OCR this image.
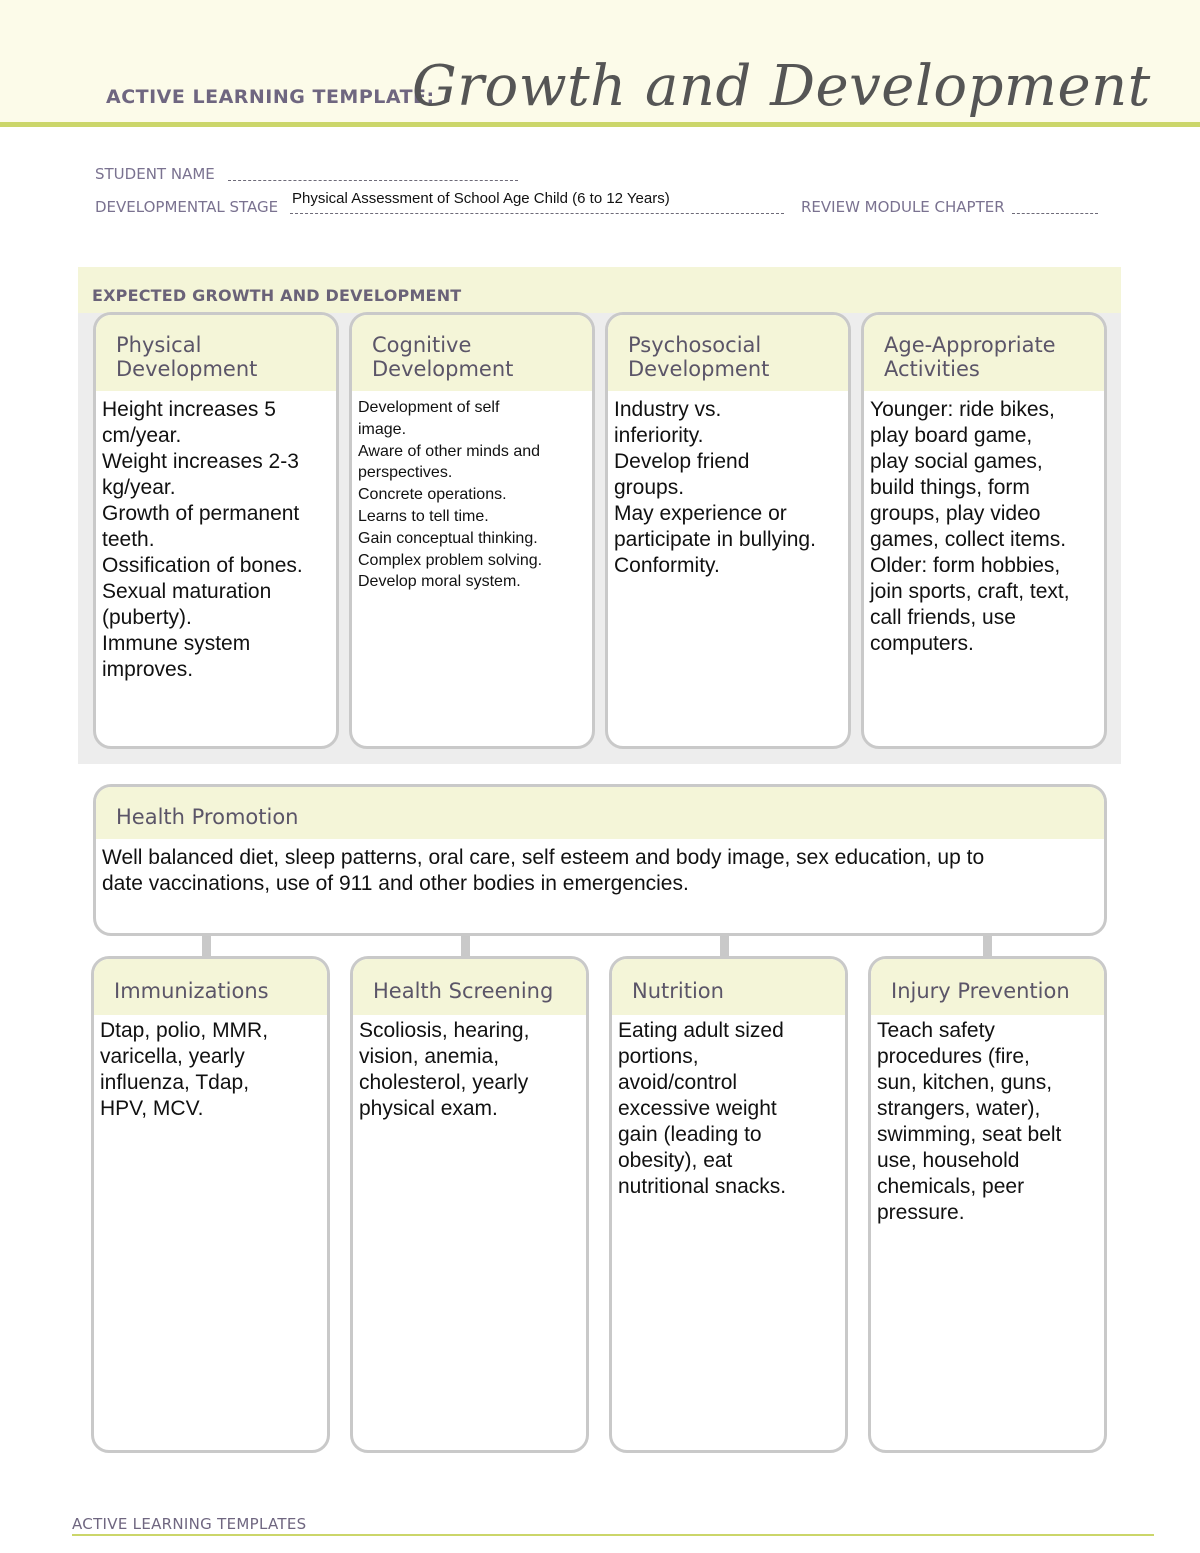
ACTIVE LEARNING TEMPLATE:
Growth and Development
STUDENT NAME
DEVELOPMENTAL STAGE Physical Assessment of School Age Child (6 to 12 Years)	REVIEW MODULE CHAPTER
EXPECTED GROWTH AND DEVELOPMENT
Physical
Development
Height increases 5
cm/year.
Weight increases 2-3
kg/year.
Growth of permanent
teeth.
Ossification of bones.
Sexual maturation
(puberty).
Immune system
improves.
Cognitive
Development
Development of self
image.
Aware of other minds and
perspectives.
Concrete operations.
Learns to tell time.
Gain conceptual thinking.
Complex problem solving.
Develop moral system.
Psychosocial
Development
Industry vs.
inferiority.
Develop friend
groups.
May experience or
participate in bullying.
Conformity.
Age-Appropriate
Activities
Younger: ride bikes,
play board game,
play social games,
build things, form
groups, play video
games, collect items.
Older: form hobbies,
join sports, craft, text,
call friends, use
computers.
Health Promotion
Well balanced diet, sleep patterns, oral care, self esteem and body image, sex education, up to
date vaccinations, use of 911 and other bodies in emergencies.
Immunizations
Dtap, polio, MMR,
varicella, yearly
influenza, Tdap,
HPV, MCV.
Health Screening
Scoliosis, hearing,
vision, anemia,
cholesterol, yearly
physical exam.
Nutrition
Eating adult sized
portions,
avoid/control
excessive weight
gain (leading to
obesity), eat
nutritional snacks.
Injury Prevention
Teach safety
procedures (fire,
sun, kitchen, guns,
strangers, water),
swimming, seat belt
use, household
chemicals, peer
pressure.
ACTIVE LEARNING TEMPLATES
